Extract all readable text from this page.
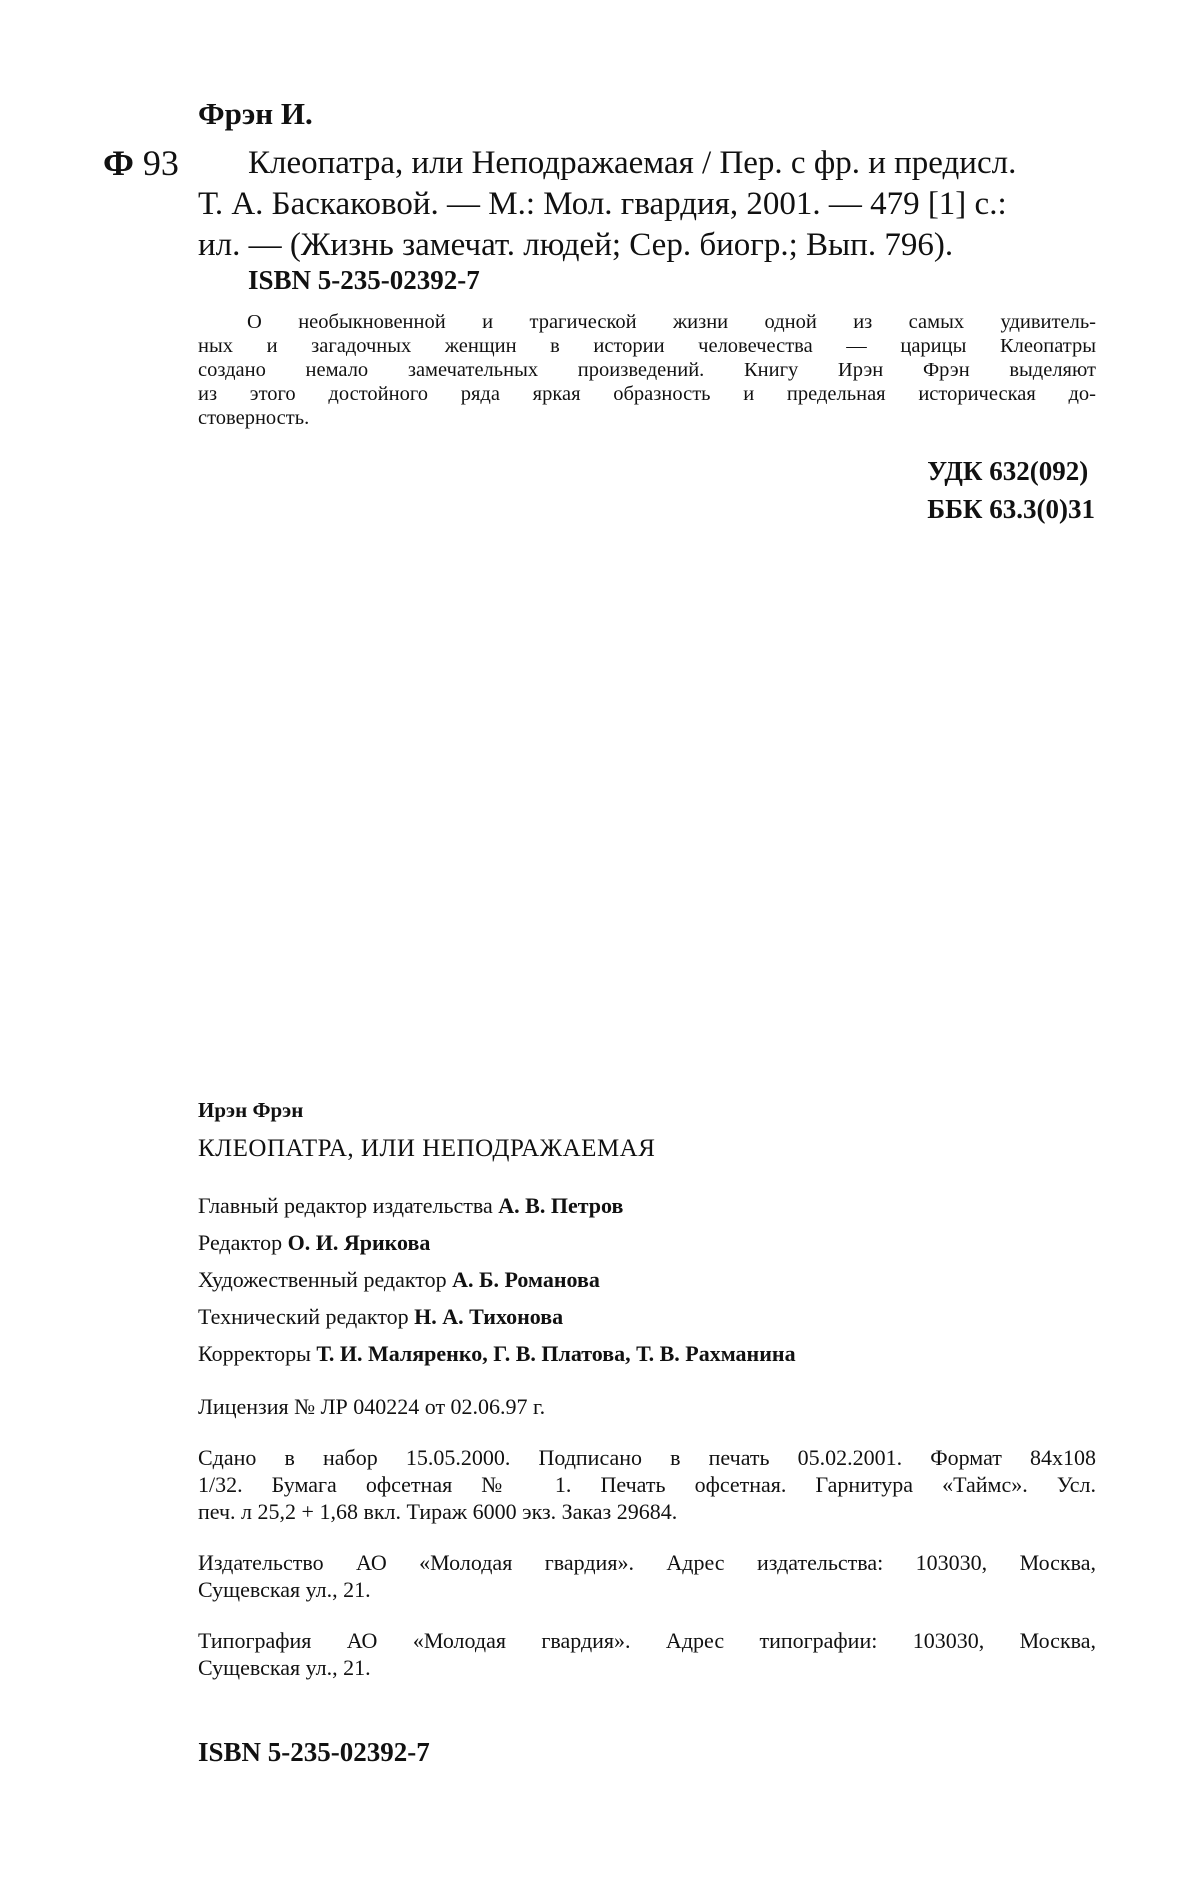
Фрэн И.
Ф 93	Клеопатра, или Неподражаемая / Пер. с фр. и предисл.
Т. А. Баскаковой. — М.: Мол. гвардия, 2001. — 479 [1] с.:
ил. — (Жизнь замечат. людей; Сер. биогр.; Вып. 796).
ISBN 5-235-02392-7
О необыкновенной и трагической жизни одной из самых удивитель-
ных и загадочных женщин в истории человечества — царицы Клеопатры
создано немало замечательных произведений. Книгу Ирэн Фрэн выделяют
из этого достойного ряда яркая образность и предельная историческая до-
стоверность.
УДК 632(092)
ББК 63.3(0)31
Ирэн Фрэн
КЛЕОПАТРА, ИЛИ НЕПОДРАЖАЕМАЯ
Главный редактор издательства А. В. Петров
Редактор О. И. Ярикова
Художественный редактор А. Б. Романова
Технический редактор Н. А. Тихонова
Корректоры Т. И. Маляренко, Г. В. Платова, Т. В. Рахманина
Лицензия № ЛР 040224 от 02.06.97 г.
Сдано в набор 15.05.2000. Подписано в печать 05.02.2001. Формат 84x108
1/32. Бумага офсетная № 1. Печать офсетная. Гарнитура «Таймс». Усл.
печ. л 25,2 + 1,68 вкл. Тираж 6000 экз. Заказ 29684.
Издательство АО «Молодая гвардия». Адрес издательства: 103030, Москва,
Сущевская ул., 21.
Типография АО «Молодая гвардия». Адрес типографии: 103030, Москва,
Сущевская ул., 21.
ISBN 5-235-02392-7
